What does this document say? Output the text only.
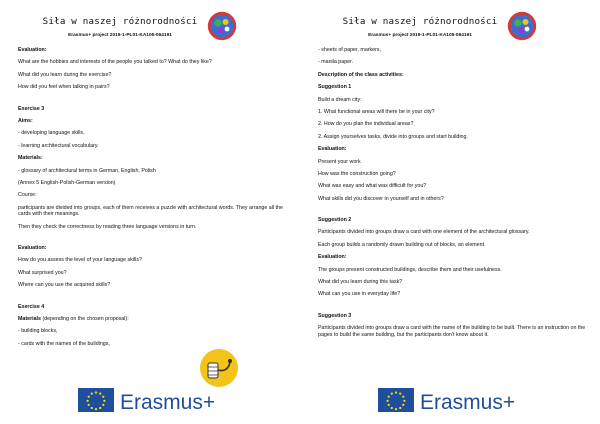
Siła w naszej różnorodności
Erasmus+ project 2019-1-PL01-KA105-064191

Evaluation:

What are the hobbies and interests of the people you talked to? What do they like?

What did you learn during the exercise?

How did you feel when talking in pairs?

Exercise 3

Aims:

- developing language skills,

- learning architectural vocabulary.

Materials:

- glossary of architectural terms in German, English, Polish

(Annex 5 English-Polish-German version)

Course:

participants are divided into groups, each of them receives a puzzle with architectural words. They arrange all the cards with their meanings.

Then they check the correctness by reading three language versions in turn.

Evaluation:

How do you assess the level of your language skills?

What surprised you?

Where can you use the acquired skills?

Exercise 4

Materials (depending on the chosen proposal):

- building blocks,

- cards with the names of the buildings,

Erasmus+
Siła w naszej różnorodności
Erasmus+ project 2019-1-PL01-KA105-064191

- sheets of paper, markers,

- manila paper.

Description of the class activities:

Suggestion 1

Build a dream city:

1. What functional areas will there be in your city?

2. How do you plan the individual areas?

2. Assign yourselves tasks, divide into groups and start building.

Evaluation:

Present your work

How was the construction going?

What was easy and what was difficult for you?

What skills did you discover in yourself and in others?

Suggestion 2

Participants divided into groups draw a card with one element of the architectural glossary.

Each group builds a randomly drawn building out of blocks, an element

Evaluation:

The groups present constructed buildings, describe them and their usefulness.

What did you learn during this task?

What can you use in everyday life?

Suggestion 3

Participants divided into groups draw a card with the name of the building to be built. There is an instruction on the pages to build the same building, but the participants don't know about it.

Erasmus+
